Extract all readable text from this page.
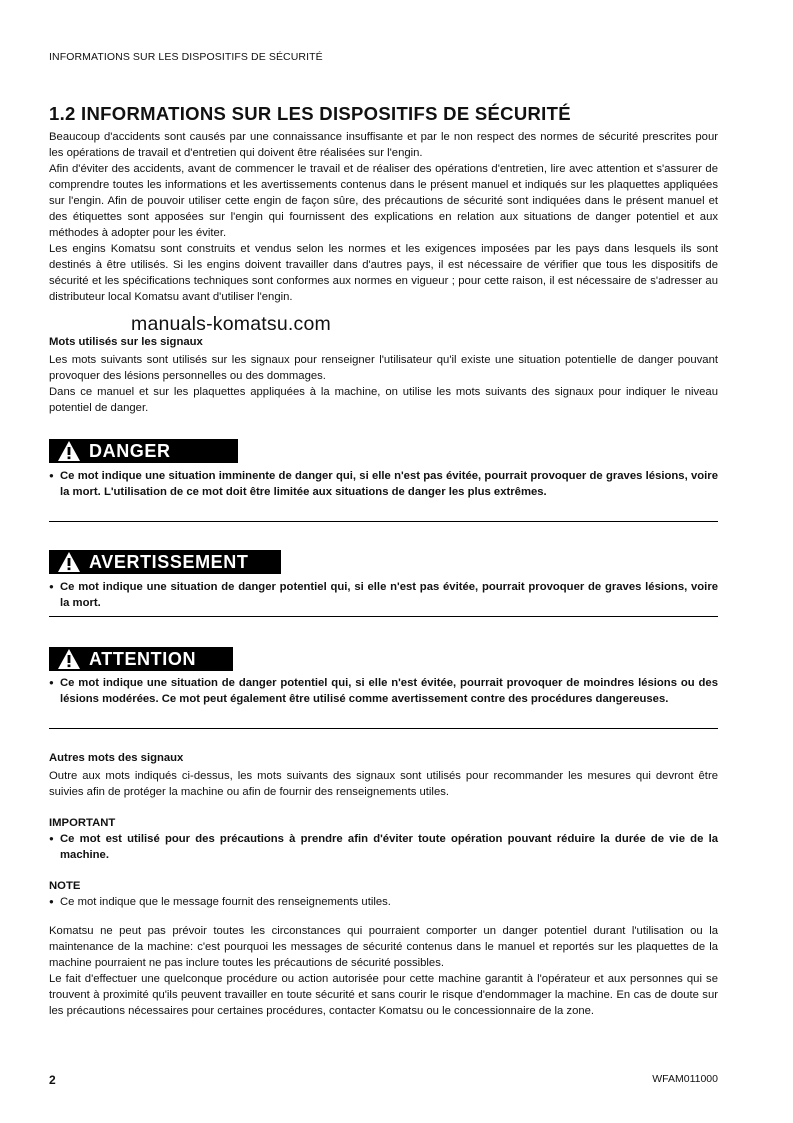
INFORMATIONS SUR LES DISPOSITIFS DE SÉCURITÉ
1.2 INFORMATIONS SUR LES DISPOSITIFS DE SÉCURITÉ

Beaucoup d'accidents sont causés par une connaissance insuffisante et par le non respect des normes de sécurité prescrites pour les opérations de travail et d'entretien qui doivent être réalisées sur l'engin.

Afin d'éviter des accidents, avant de commencer le travail et de réaliser des opérations d'entretien, lire avec attention et s'assurer de comprendre toutes les informations et les avertissements contenus dans le présent manuel et indiqués sur les plaquettes appliquées sur l'engin. Afin de pouvoir utiliser cette engin de façon sûre, des précautions de sécurité sont indiquées dans le présent manuel et des étiquettes sont apposées sur l'engin qui fournissent des explications en relation aux situations de danger potentiel et aux méthodes à adopter pour les éviter.

Les engins Komatsu sont construits et vendus selon les normes et les exigences imposées par les pays dans lesquels ils sont destinés à être utilisés. Si les engins doivent travailler dans d'autres pays, il est nécessaire de vérifier que tous les dispositifs de sécurité et les spécifications techniques sont conformes aux normes en vigueur ; pour cette raison, il est nécessaire de s'adresser au distributeur local Komatsu avant d'utiliser l'engin.

Mots utilisés sur les signaux

Les mots suivants sont utilisés sur les signaux pour renseigner l'utilisateur qu'il existe une situation potentielle de danger pouvant provoquer des lésions personnelles ou des dommages.

Dans ce manuel et sur les plaquettes appliquées à la machine, on utilise les mots suivants des signaux pour indiquer le niveau potentiel de danger.

manuals-komatsu.com
DANGER
● Ce mot indique une situation imminente de danger qui, si elle n'est pas évitée, pourrait provoquer de graves lésions, voire la mort. L'utilisation de ce mot doit être limitée aux situations de danger les plus extrêmes.
AVERTISSEMENT
● Ce mot indique une situation de danger potentiel qui, si elle n'est pas évitée, pourrait provoquer de graves lésions, voire la mort.
ATTENTION
● Ce mot indique une situation de danger potentiel qui, si elle n'est évitée, pourrait provoquer de moindres lésions ou des lésions modérées. Ce mot peut également être utilisé comme avertissement contre des procédures dangereuses.
Autres mots des signaux

Outre aux mots indiqués ci-dessus, les mots suivants des signaux sont utilisés pour recommander les mesures qui devront être suivies afin de protéger la machine ou afin de fournir des renseignements utiles.

IMPORTANT
● Ce mot est utilisé pour des précautions à prendre afin d'éviter toute opération pouvant réduire la durée de vie de la machine.
NOTE
● Ce mot indique que le message fournit des renseignements utiles.

Komatsu ne peut pas prévoir toutes les circonstances qui pourraient comporter un danger potentiel durant l'utilisation ou la maintenance de la machine: c'est pourquoi les messages de sécurité contenus dans le manuel et reportés sur les plaquettes de la machine pourraient ne pas inclure toutes les précautions de sécurité possibles.

Le fait d'effectuer une quelconque procédure ou action autorisée pour cette machine garantit à l'opérateur et aux personnes qui se trouvent à proximité qu'ils peuvent travailler en toute sécurité et sans courir le risque d'endommager la machine. En cas de doute sur les précautions nécessaires pour certaines procédures, contacter Komatsu ou le concessionnaire de la zone.

2	WFAM011000
